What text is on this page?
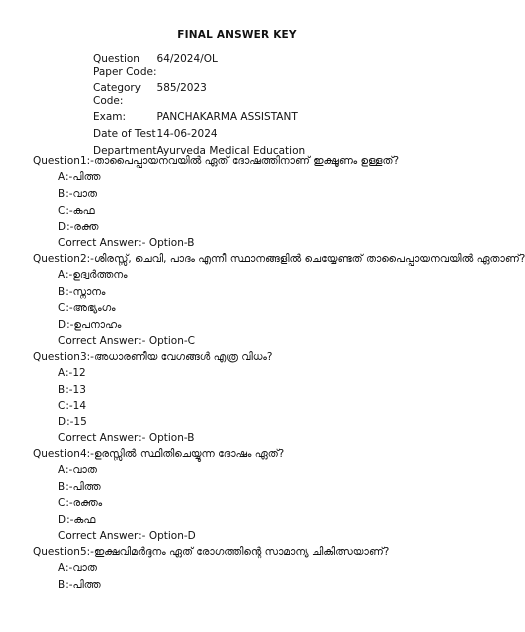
FINAL ANSWER KEY
Question Paper Code:	64/2024/OL
Category Code:	585/2023
Exam:	PANCHAKARMA ASSISTANT
Date of Test	14-06-2024
Department	Ayurveda Medical Education
Question1:-താപൈപ്പായനവയിൽ ഏത് ദോഷത്തിനാണ് ഇക്ഷൂണം ഉള്ളത്?
A:-പിത്ത
B:-വാത
C:-കഫ
D:-രക്ത
Correct Answer:- Option-B
Question2:-ശിരസ്സ്, ചെവി, പാദം എന്നീ സ്ഥാനങ്ങളിൽ ചെയ്യേണ്ടത് താപൈപ്പായനവയിൽ ഏതാണ്?
A:-ഉദ്വർത്തനം
B:-സ്നാനം
C:-അഭ്യംഗം
D:-ഉപനാഹം
Correct Answer:- Option-C
Question3:-അധാരണീയ വേഗങ്ങൾ എത്ര വിധം?
A:-12
B:-13
C:-14
D:-15
Correct Answer:- Option-B
Question4:-ഉരസ്സിൽ സ്ഥിതിചെയ്യുന്ന ദോഷം ഏത്?
A:-വാത
B:-പിത്ത
C:-രക്തം
D:-കഫ
Correct Answer:- Option-D
Question5:-ഇക്ഷവിമർദ്ദനം ഏത് രോഗത്തിന്റെ സാമാന്യ ചികിത്സയാണ്?
A:-വാത
B:-പിത്ത
